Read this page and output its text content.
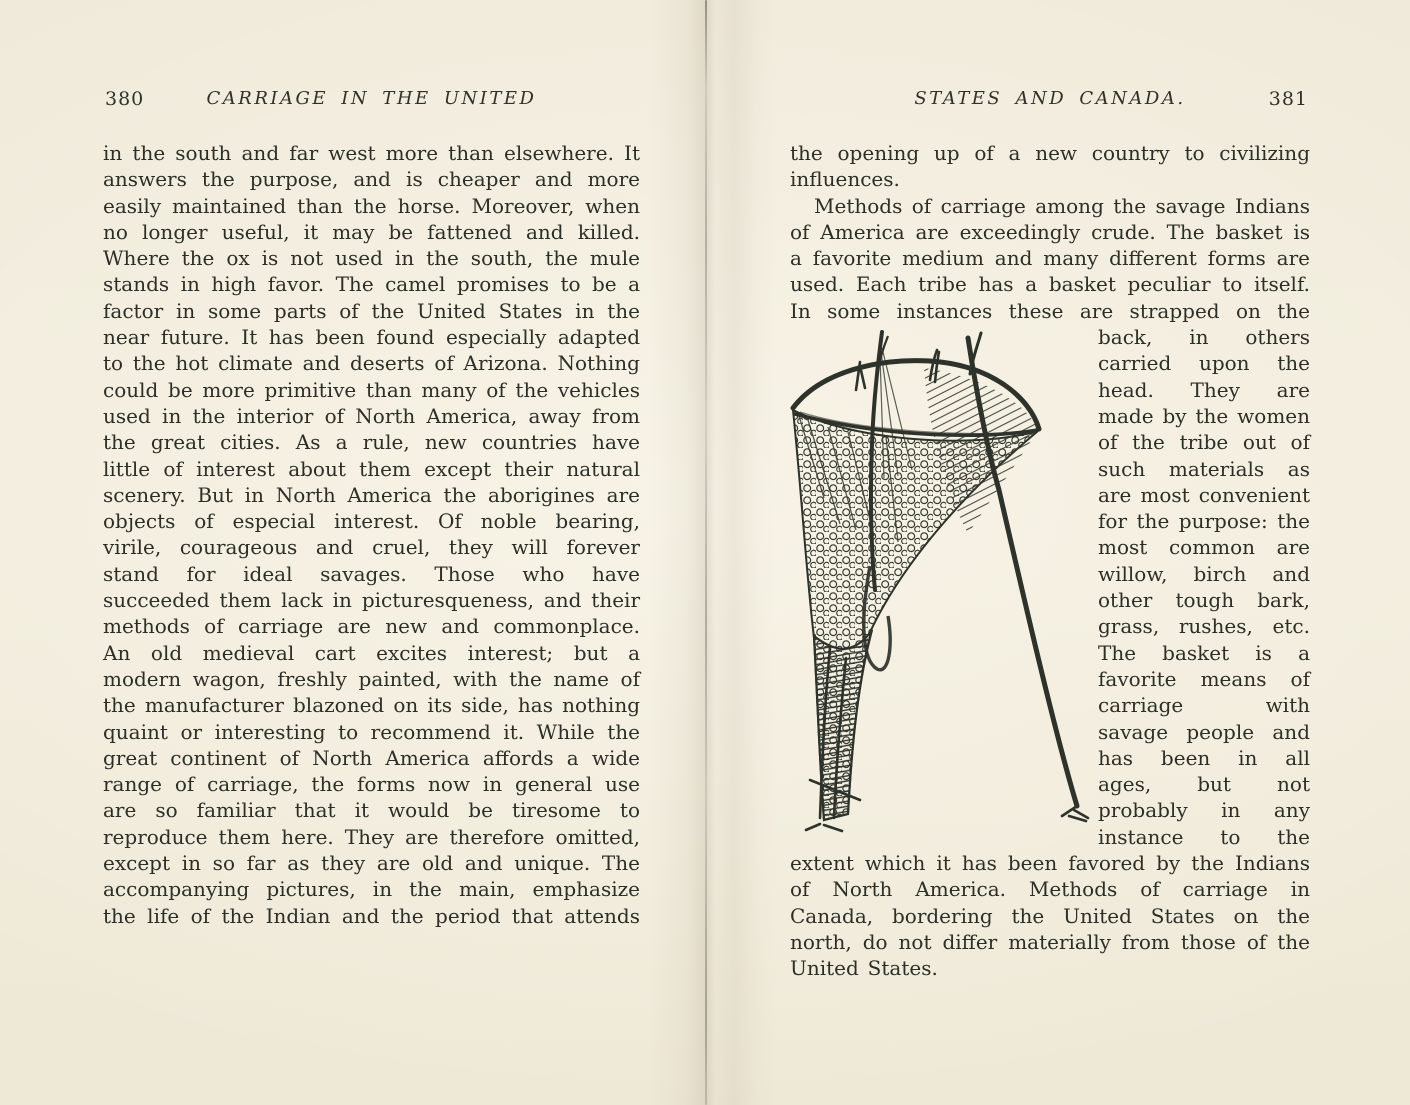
380	CARRIAGE IN THE UNITED

in the south and far west more than elsewhere. It answers the purpose, and is cheaper and more easily maintained than the horse. Moreover, when no longer useful, it may be fattened and killed. Where the ox is not used in the south, the mule stands in high favor. The camel promises to be a factor in some parts of the United States in the near future. It has been found especially adapted to the hot climate and deserts of Arizona. Nothing could be more primitive than many of the vehicles used in the interior of North America, away from the great cities. As a rule, new countries have little of interest about them except their natural scenery. But in North America the aborigines are objects of especial interest. Of noble bearing, virile, courageous and cruel, they will forever stand for ideal savages. Those who have succeeded them lack in picturesqueness, and their methods of carriage are new and commonplace. An old medieval cart excites interest; but a modern wagon, freshly painted, with the name of the manufacturer blazoned on its side, has nothing quaint or interesting to recommend it. While the great continent of North America affords a wide range of carriage, the forms now in general use are so familiar that it would be tiresome to reproduce them here. They are therefore omitted, except in so far as they are old and unique. The accompanying pictures, in the main, emphasize the life of the Indian and the period that attends

381
STATES AND CANADA.

the opening up of a new country to civilizing influences.

Methods of carriage among the savage Indians of America are exceedingly crude. The basket is a favorite medium and many different forms are used. Each tribe has a basket peculiar to itself. In some instances these are strapped on the back, in others carried upon the head. They are made by the women of the tribe out of such materials as are most convenient for the purpose: the most common are willow, birch and other tough bark, grass, rushes, etc. The basket is a favorite means of carriage with savage people and has been in all ages, but not probably in any instance to the extent which it has been favored by the Indians of North America. Methods of carriage in Canada, bordering the United States on the north, do not differ materially from those of the United States.
